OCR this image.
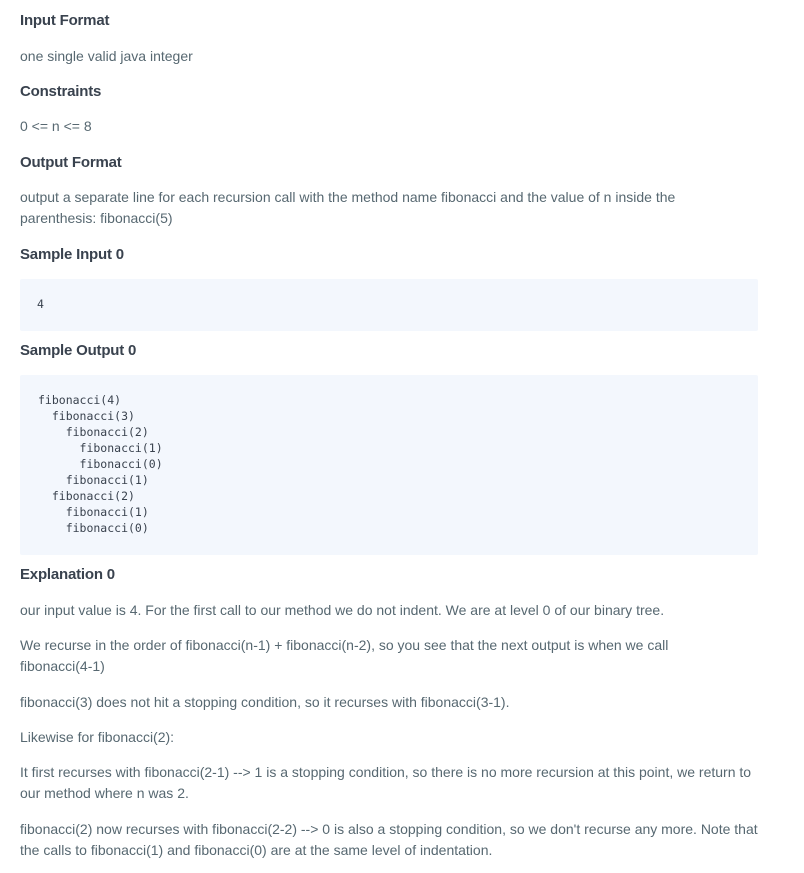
Input Format

one single valid java integer

Constraints

0 <= n <= 8

Output Format

output a separate line for each recursion call with the method name fibonacci and the value of n inside the parenthesis: fibonacci(5)

Sample Input 0
4
Sample Output 0
fibonacci(4)
fibonacci(3)
fibonacci(2)
fibonacci(1)
fibonacci(0)
fibonacci(1)
fibonacci(2)
fibonacci(1)
fibonacci(0)
Explanation 0

our input value is 4. For the first call to our method we do not indent. We are at level 0 of our binary tree.

We recurse in the order of fibonacci(n-1) + fibonacci(n-2), so you see that the next output is when we call fibonacci(4-1)

fibonacci(3) does not hit a stopping condition, so it recurses with fibonacci(3-1).

Likewise for fibonacci(2):

It first recurses with fibonacci(2-1) --> 1 is a stopping condition, so there is no more recursion at this point, we return to our method where n was 2.

fibonacci(2) now recurses with fibonacci(2-2) --> 0 is also a stopping condition, so we don't recurse any more. Note that the calls to fibonacci(1) and fibonacci(0) are at the same level of indentation.
